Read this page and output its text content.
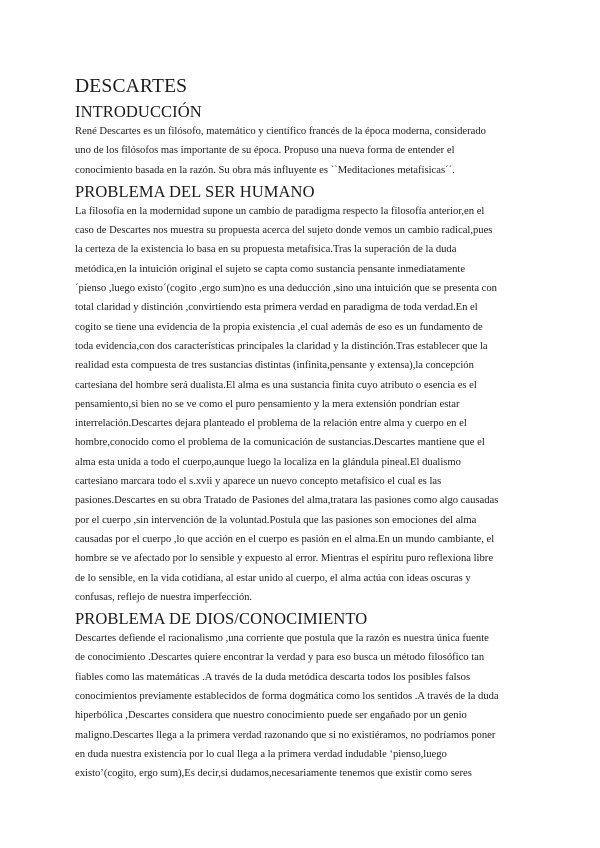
DESCARTES
INTRODUCCIÓN

René Descartes es un filósofo, matemático y científico francés de la época moderna, considerado
uno de los filósofos mas importante de su época. Propuso una nueva forma de entender el
conocimiento basada en la razón. Su obra más influyente es ``Meditaciones metafísicas´´.

PROBLEMA DEL SER HUMANO

La filosofía en la modernidad supone un cambio de paradigma respecto la filosofía anterior,en el
caso de Descartes nos muestra su propuesta acerca del sujeto donde vemos un cambio radical,pues
la certeza de la existencia lo basa en su propuesta metafísica.Tras la superación de la duda
metódica,en la intuición original el sujeto se capta como sustancia pensante inmediatamente
´pienso ,luego existo´(cogito ,ergo sum)no es una deducción ,sino una intuición que se presenta con
total claridad y distinción ,convirtiendo esta primera verdad en paradigma de toda verdad.En el
cogito se tiene una evidencia de la propia existencia ,el cual además de eso es un fundamento de
toda evidencia,con dos características principales la claridad y la distinción.Tras establecer que la
realidad esta compuesta de tres sustancias distintas (infinita,pensante y extensa),la concepción
cartesiana del hombre será dualista.El alma es una sustancia finita cuyo atributo o esencia es el
pensamiento,si bien no se ve como el puro pensamiento y la mera extensión pondrían estar
interrelación.Descartes dejara planteado el problema de la relación entre alma y cuerpo en el
hombre,conocido como el problema de la comunicación de sustancias.Descartes mantiene que el
alma esta unida a todo el cuerpo,aunque luego la localiza en la glándula pineal.El dualismo
cartesiano marcara todo el s.xvii y aparece un nuevo concepto metafísico el cual es las
pasiones.Descartes en su obra Tratado de Pasiones del alma,tratara las pasiones como algo causadas
por el cuerpo ,sin intervención de la voluntad.Postula que las pasiones son emociones del alma
causadas por el cuerpo ,lo que acción en el cuerpo es pasión en el alma.En un mundo cambiante, el
hombre se ve afectado por lo sensible y expuesto al error. Mientras el espíritu puro reflexiona libre
de lo sensible, en la vida cotidiana, al estar unido al cuerpo, el alma actúa con ideas oscuras y
confusas, reflejo de nuestra imperfección.

PROBLEMA DE DIOS/CONOCIMIENTO

Descartes defiende el racionalismo ,una corriente que postula que la razón es nuestra única fuente
de conocimiento .Descartes quiere encontrar la verdad y para eso busca un método filosófico tan
fiables como las matemáticas .A través de la duda metódica descarta todos los posibles falsos
conocimientos previamente establecidos de forma dogmática como los sentidos .A través de la duda
hiperbólica ,Descartes considera que nuestro conocimiento puede ser engañado por un genio
maligno.Descartes llega a la primera verdad razonando que si no existiéramos, no podríamos poner
en duda nuestra existencia por lo cual llega a la primera verdad indudable ‘pienso,luego
existo’(cogito, ergo sum),Es decir,si dudamos,necesariamente tenemos que existir como seres
